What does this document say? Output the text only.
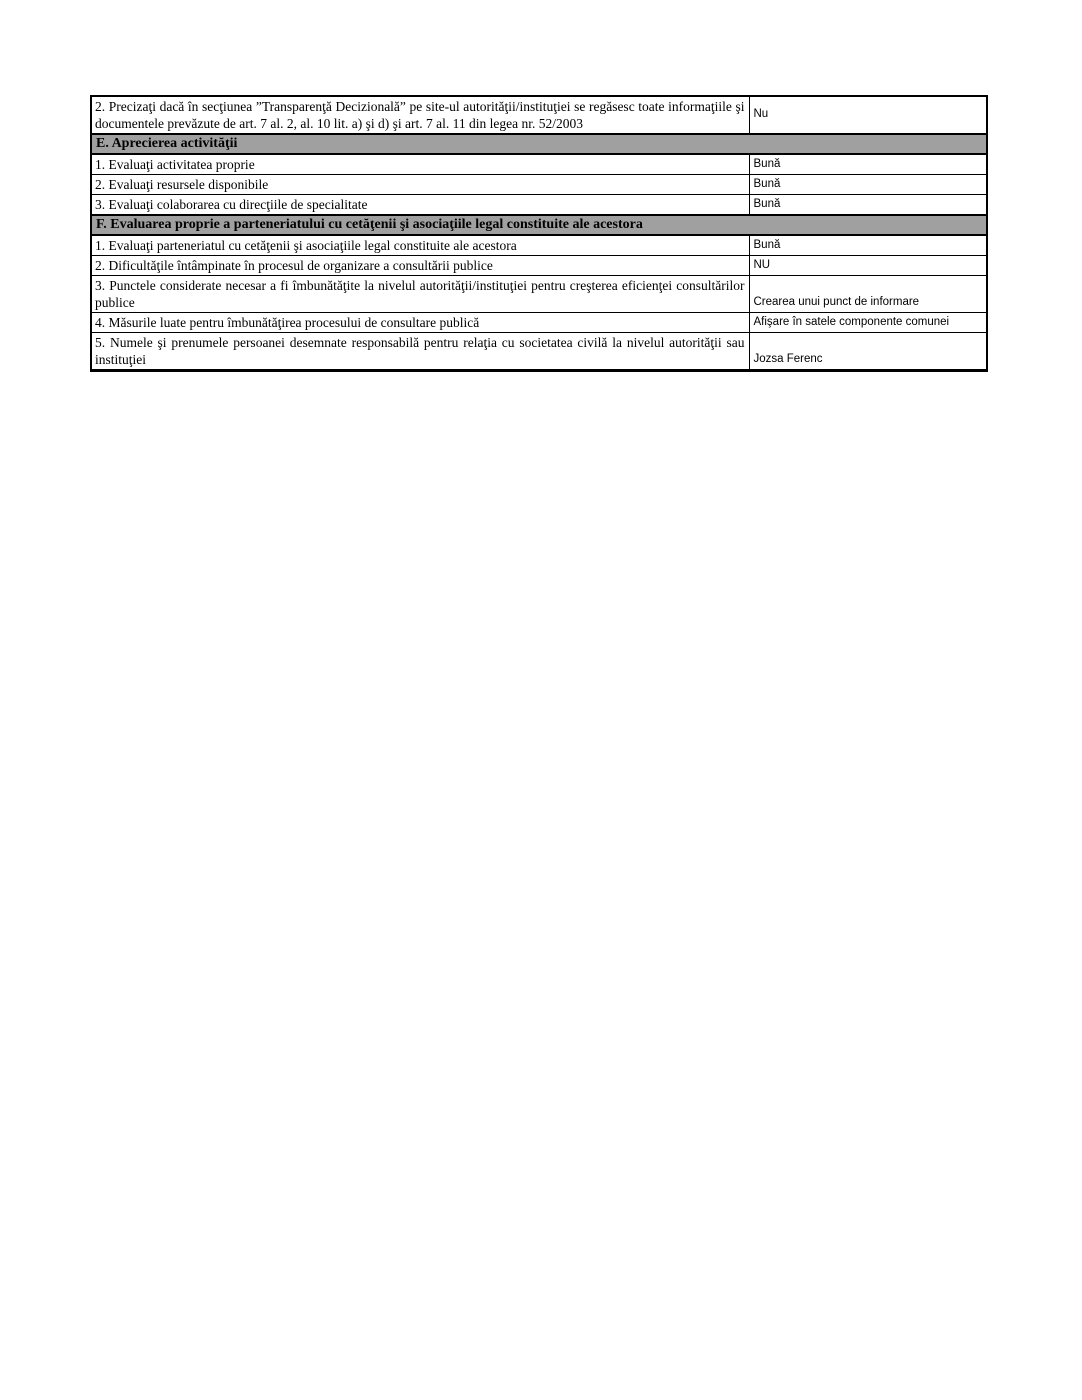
2. Precizaţi dacă în secţiunea ”Transparenţă Decizională” pe site-ul autorităţii/instituţiei se regăsesc toate informaţiile şi documentele prevăzute de art. 7 al. 2, al. 10 lit. a) şi d) şi art. 7 al. 11 din legea nr. 52/2003	Nu
E. Aprecierea activităţii	
1. Evaluaţi activitatea proprie	Bună
2. Evaluaţi resursele disponibile	Bună
3. Evaluaţi colaborarea cu direcţiile de specialitate	Bună
F. Evaluarea proprie a parteneriatului cu cetăţenii şi asociaţiile legal constituite ale acestora	
1. Evaluaţi parteneriatul cu cetăţenii şi asociaţiile legal constituite ale acestora	Bună
2. Dificultăţile întâmpinate în procesul de organizare a consultării publice	NU
3. Punctele considerate necesar a fi îmbunătăţite la nivelul autorităţii/instituţiei pentru creşterea eficienţei consultărilor publice	Crearea unui punct de informare
4. Măsurile luate pentru îmbunătăţirea procesului de consultare publică	Afişare în satele componente comunei
5. Numele şi prenumele persoanei desemnate responsabilă pentru relaţia cu societatea civilă la nivelul autorităţii sau instituţiei	Jozsa Ferenc
